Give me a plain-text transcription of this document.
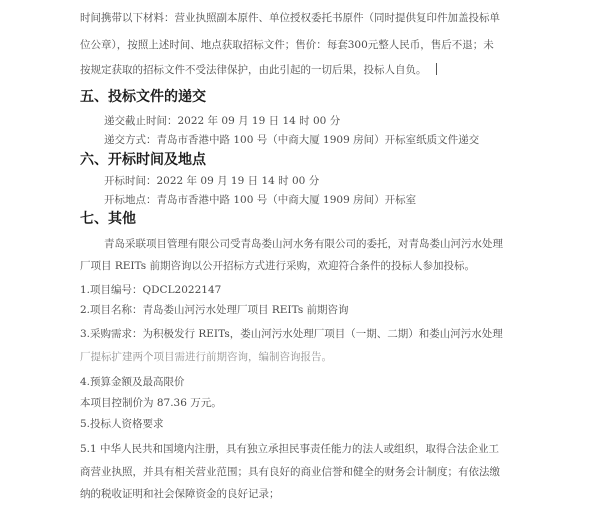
时间携带以下材料：营业执照副本原件、单位授权委托书原件（同时提供复印件加盖投标单
位公章），按照上述时间、地点获取招标文件；售价：每套300元整人民币，售后不退；未
按规定获取的招标文件不受法律保护，由此引起的一切后果，投标人自负。
五、投标文件的递交
递交截止时间：2022 年 09 月 19 日 14 时 00 分
递交方式：青岛市香港中路 100 号（中商大厦 1909 房间）开标室纸质文件递交
六、开标时间及地点
开标时间：2022 年 09 月 19 日 14 时 00 分
开标地点：青岛市香港中路 100 号（中商大厦 1909 房间）开标室
七、其他
青岛采联项目管理有限公司受青岛娄山河水务有限公司的委托，对青岛娄山河污水处理
厂项目 REITs 前期咨询以公开招标方式进行采购，欢迎符合条件的投标人参加投标。
1.项目编号：QDCL2022147
2.项目名称：青岛娄山河污水处理厂项目 REITs 前期咨询
3.采购需求：为积极发行 REITs，娄山河污水处理厂项目（一期、二期）和娄山河污水处理
厂提标扩建两个项目需进行前期咨询，编制咨询报告。
4.预算金额及最高限价
本项目控制价为 87.36 万元。
5.投标人资格要求
5.1 中华人民共和国境内注册，具有独立承担民事责任能力的法人或组织，取得合法企业工
商营业执照，并具有相关营业范围；具有良好的商业信誉和健全的财务会计制度；有依法缴
纳的税收证明和社会保障资金的良好记录；
